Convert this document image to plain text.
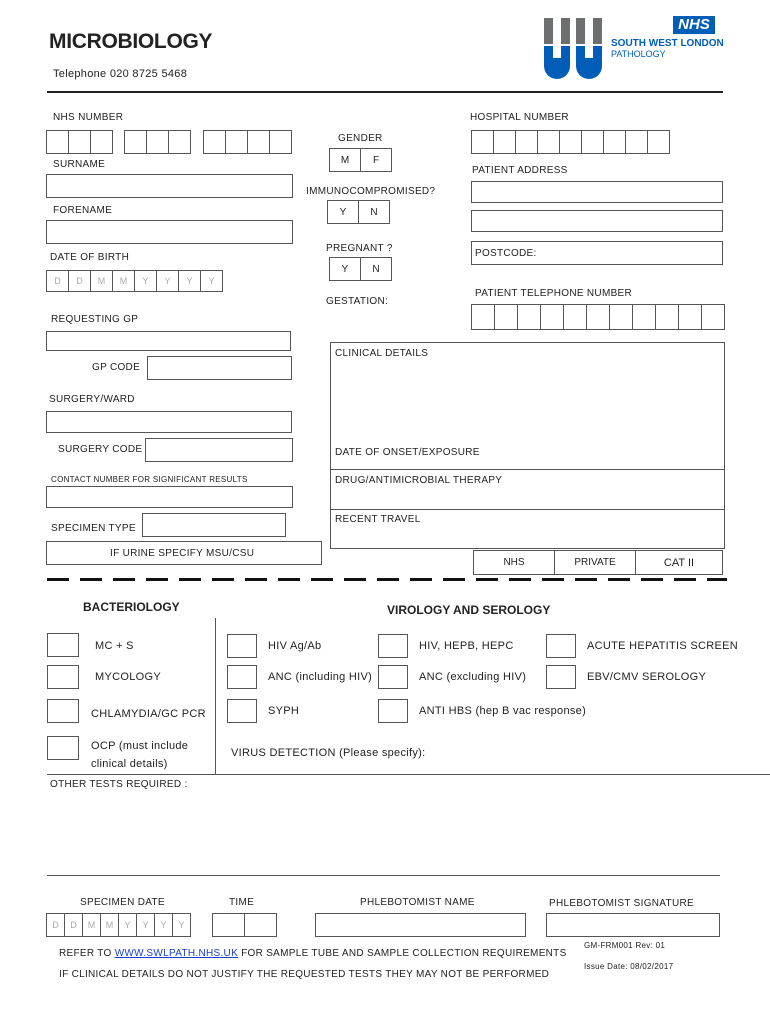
MICROBIOLOGY
Telephone 020 8725 5468
NHS
SOUTH WEST LONDON
PATHOLOGY
NHS NUMBER	HOSPITAL NUMBER
GENDER
M	F
SURNAME
PATIENT ADDRESS
IMMUNOCOMPROMISED?
Y	N
FORENAME
PREGNANT ?
Y	N
POSTCODE:
DATE OF BIRTH
D	D	M	M	Y	Y	Y	Y
GESTATION:
PATIENT TELEPHONE NUMBER
REQUESTING GP
GP CODE
SURGERY/WARD
SURGERY CODE
CONTACT NUMBER FOR SIGNIFICANT RESULTS
SPECIMEN TYPE
IF URINE SPECIFY MSU/CSU
CLINICAL DETAILS
DATE OF ONSET/EXPOSURE
DRUG/ANTIMICROBIAL THERAPY
RECENT TRAVEL
NHS	PRIVATE	CAT II
BACTERIOLOGY
MC + S
MYCOLOGY
CHLAMYDIA/GC PCR
OCP (must include
clinical details)
VIROLOGY AND SEROLOGY
HIV Ag/Ab
ANC (including HIV)
SYPH
HIV, HEPB, HEPC
ANC (excluding HIV)
ANTI HBS (hep B vac response)
ACUTE HEPATITIS SCREEN
EBV/CMV SEROLOGY
VIRUS DETECTION (Please specify):
OTHER TESTS REQUIRED :
SPECIMEN DATE
D	D	M	M	Y	Y	Y	Y
TIME	PHLEBOTOMIST NAME	PHLEBOTOMIST SIGNATURE
REFER TO WWW.SWLPATH.NHS.UK FOR SAMPLE TUBE AND SAMPLE COLLECTION REQUIREMENTS
IF CLINICAL DETAILS DO NOT JUSTIFY THE REQUESTED TESTS THEY MAY NOT BE PERFORMED
GM-FRM001 Rev: 01
Issue Date: 08/02/2017
